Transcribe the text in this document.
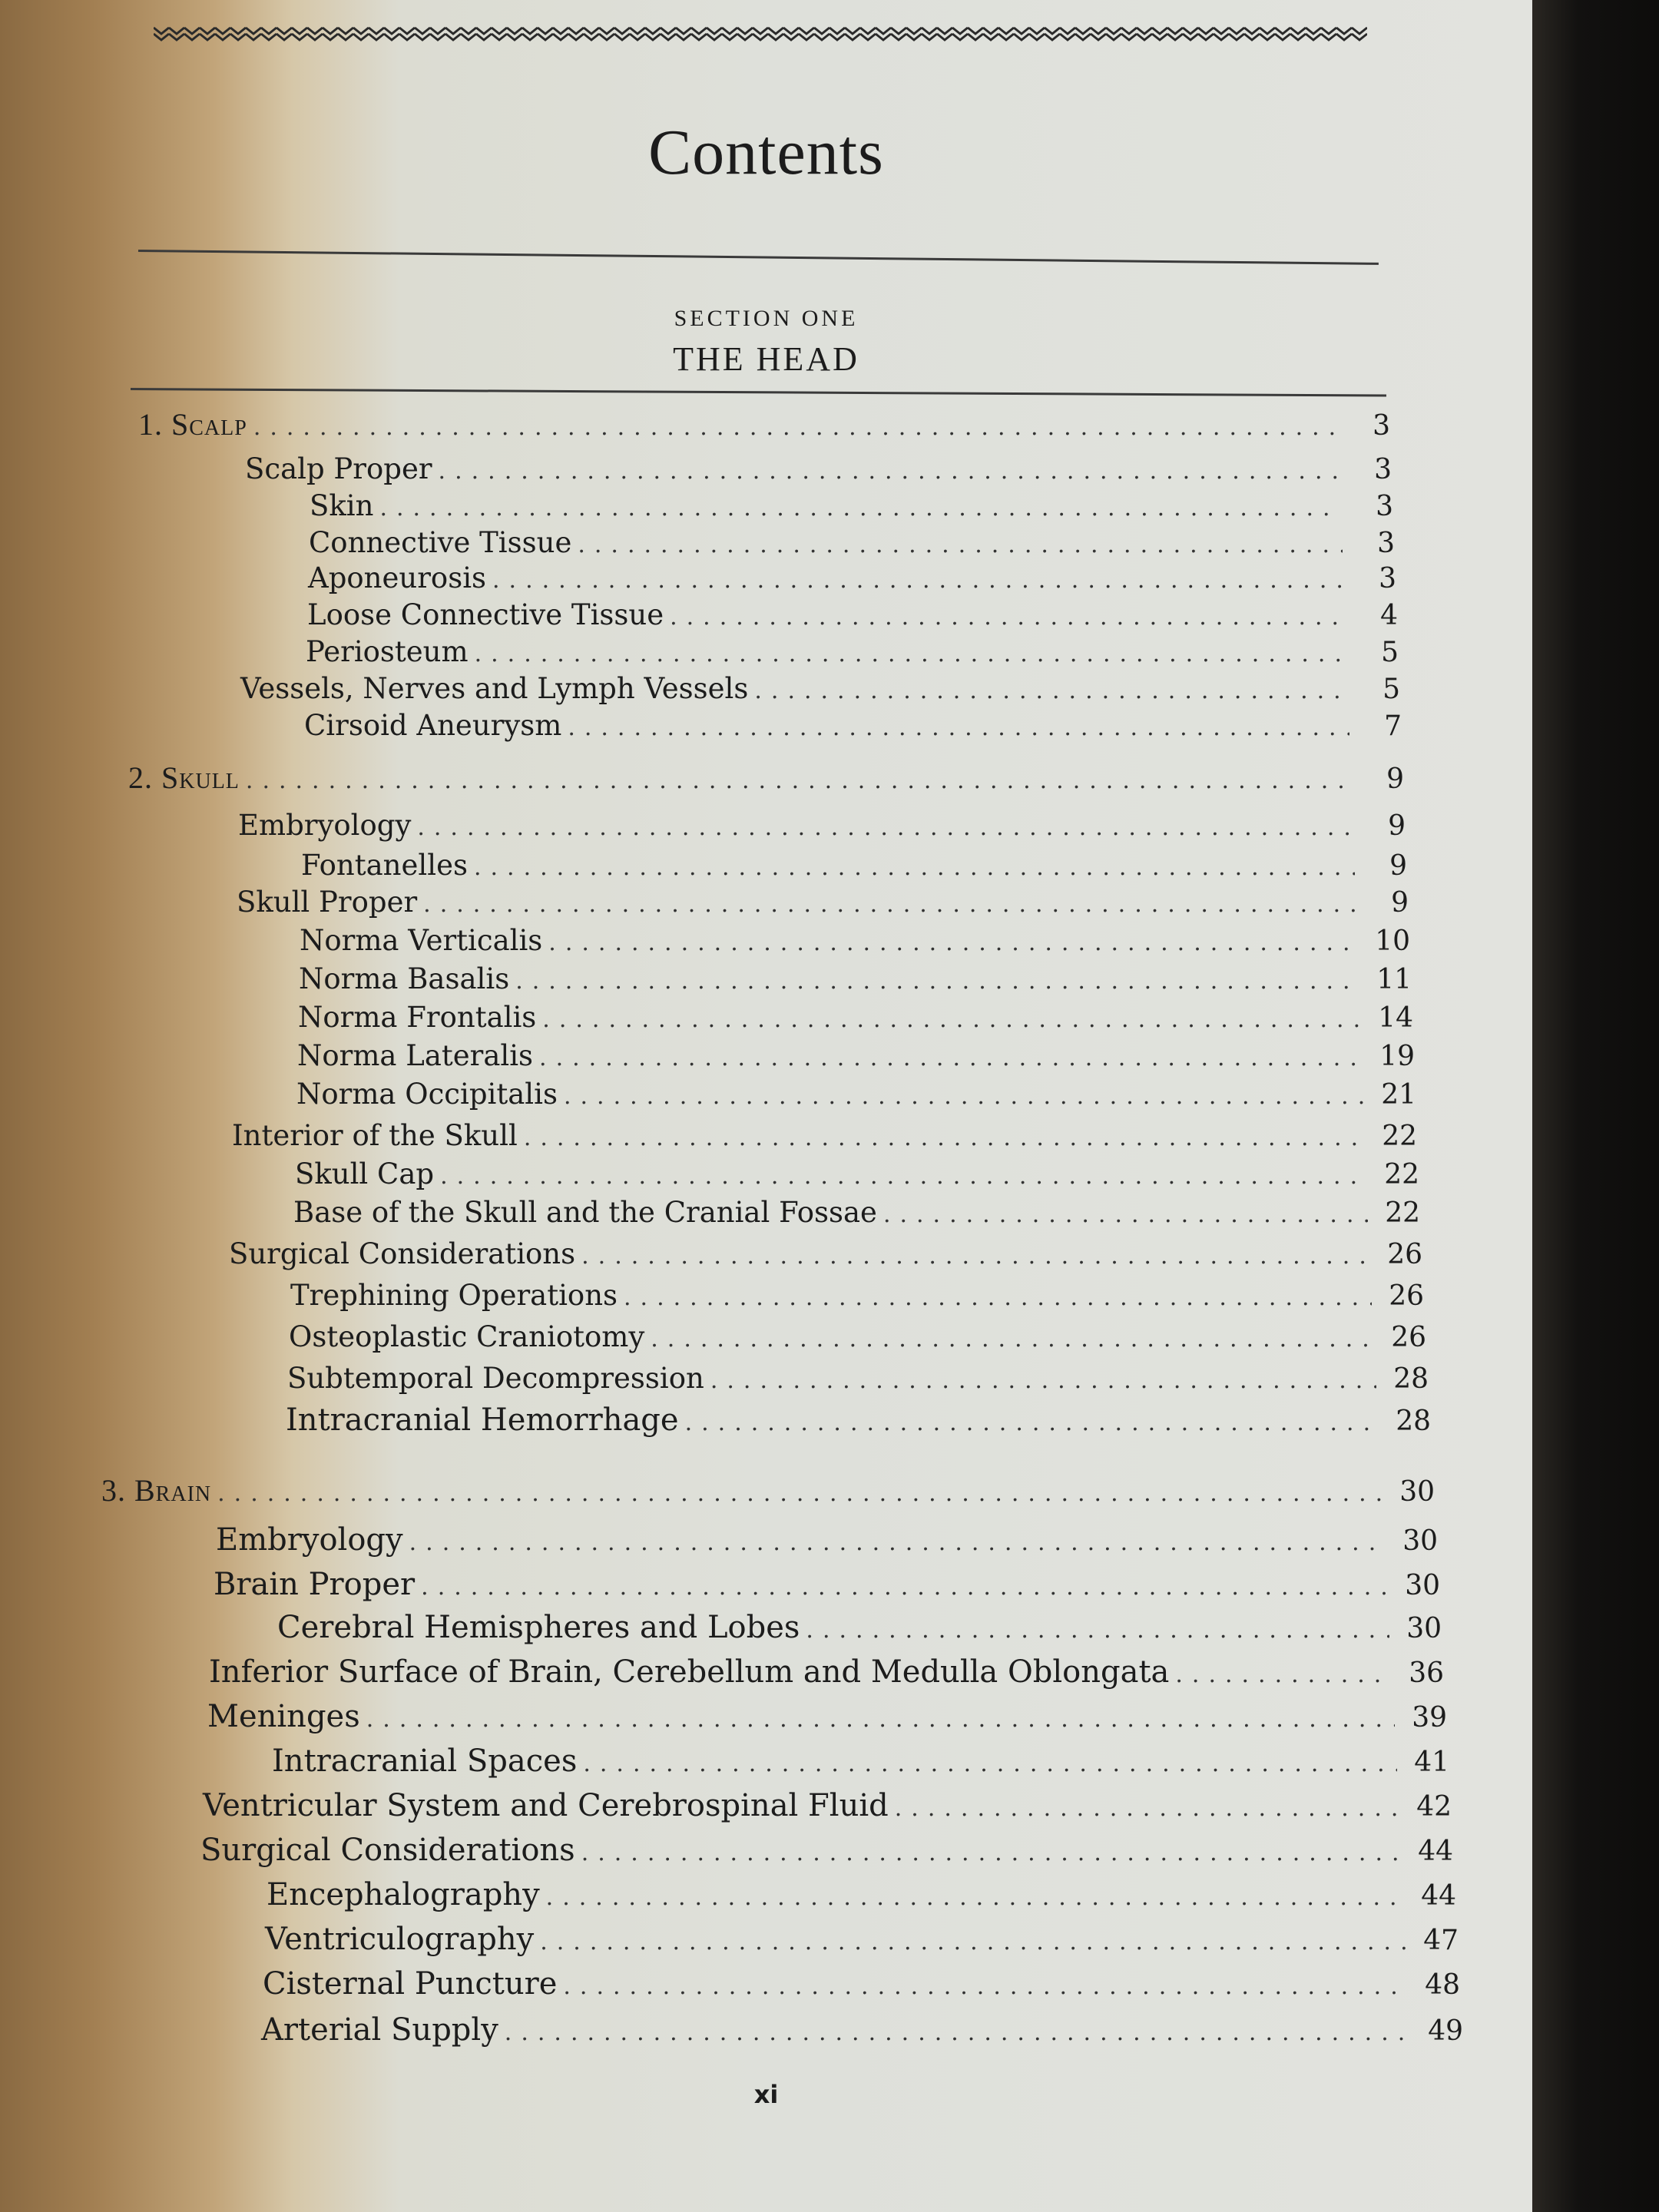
Contents
SECTION ONE
THE HEAD
1. Scalp .....	3
Scalp Proper .....	3
Skin .....	3
Connective Tissue .....	3
Aponeurosis .....	3
Loose Connective Tissue .....	4
Periosteum .....	5
Vessels, Nerves and Lymph Vessels .....	5
Cirsoid Aneurysm .....	7
2. Skull .....	9
Embryology .....	9
Fontanelles .....	9
Skull Proper .....	9
Norma Verticalis .....	10
Norma Basalis .....	11
Norma Frontalis .....	14
Norma Lateralis .....	19
Norma Occipitalis .....	21
Interior of the Skull .....	22
Skull Cap .....	22
Base of the Skull and the Cranial Fossae .....	22
Surgical Considerations .....	26
Trephining Operations .....	26
Osteoplastic Craniotomy .....	26
Subtemporal Decompression .....	28
Intracranial Hemorrhage .....	28
3. Brain .....	30
Embryology .....	30
Brain Proper .....	30
Cerebral Hemispheres and Lobes .....	30
Inferior Surface of Brain, Cerebellum and Medulla Oblongata .....	36
Meninges .....	39
Intracranial Spaces .....	41
Ventricular System and Cerebrospinal Fluid .....	42
Surgical Considerations .....	44
Encephalography .....	44
Ventriculography .....	47
Cisternal Puncture .....	48
Arterial Supply .....	49
xi
